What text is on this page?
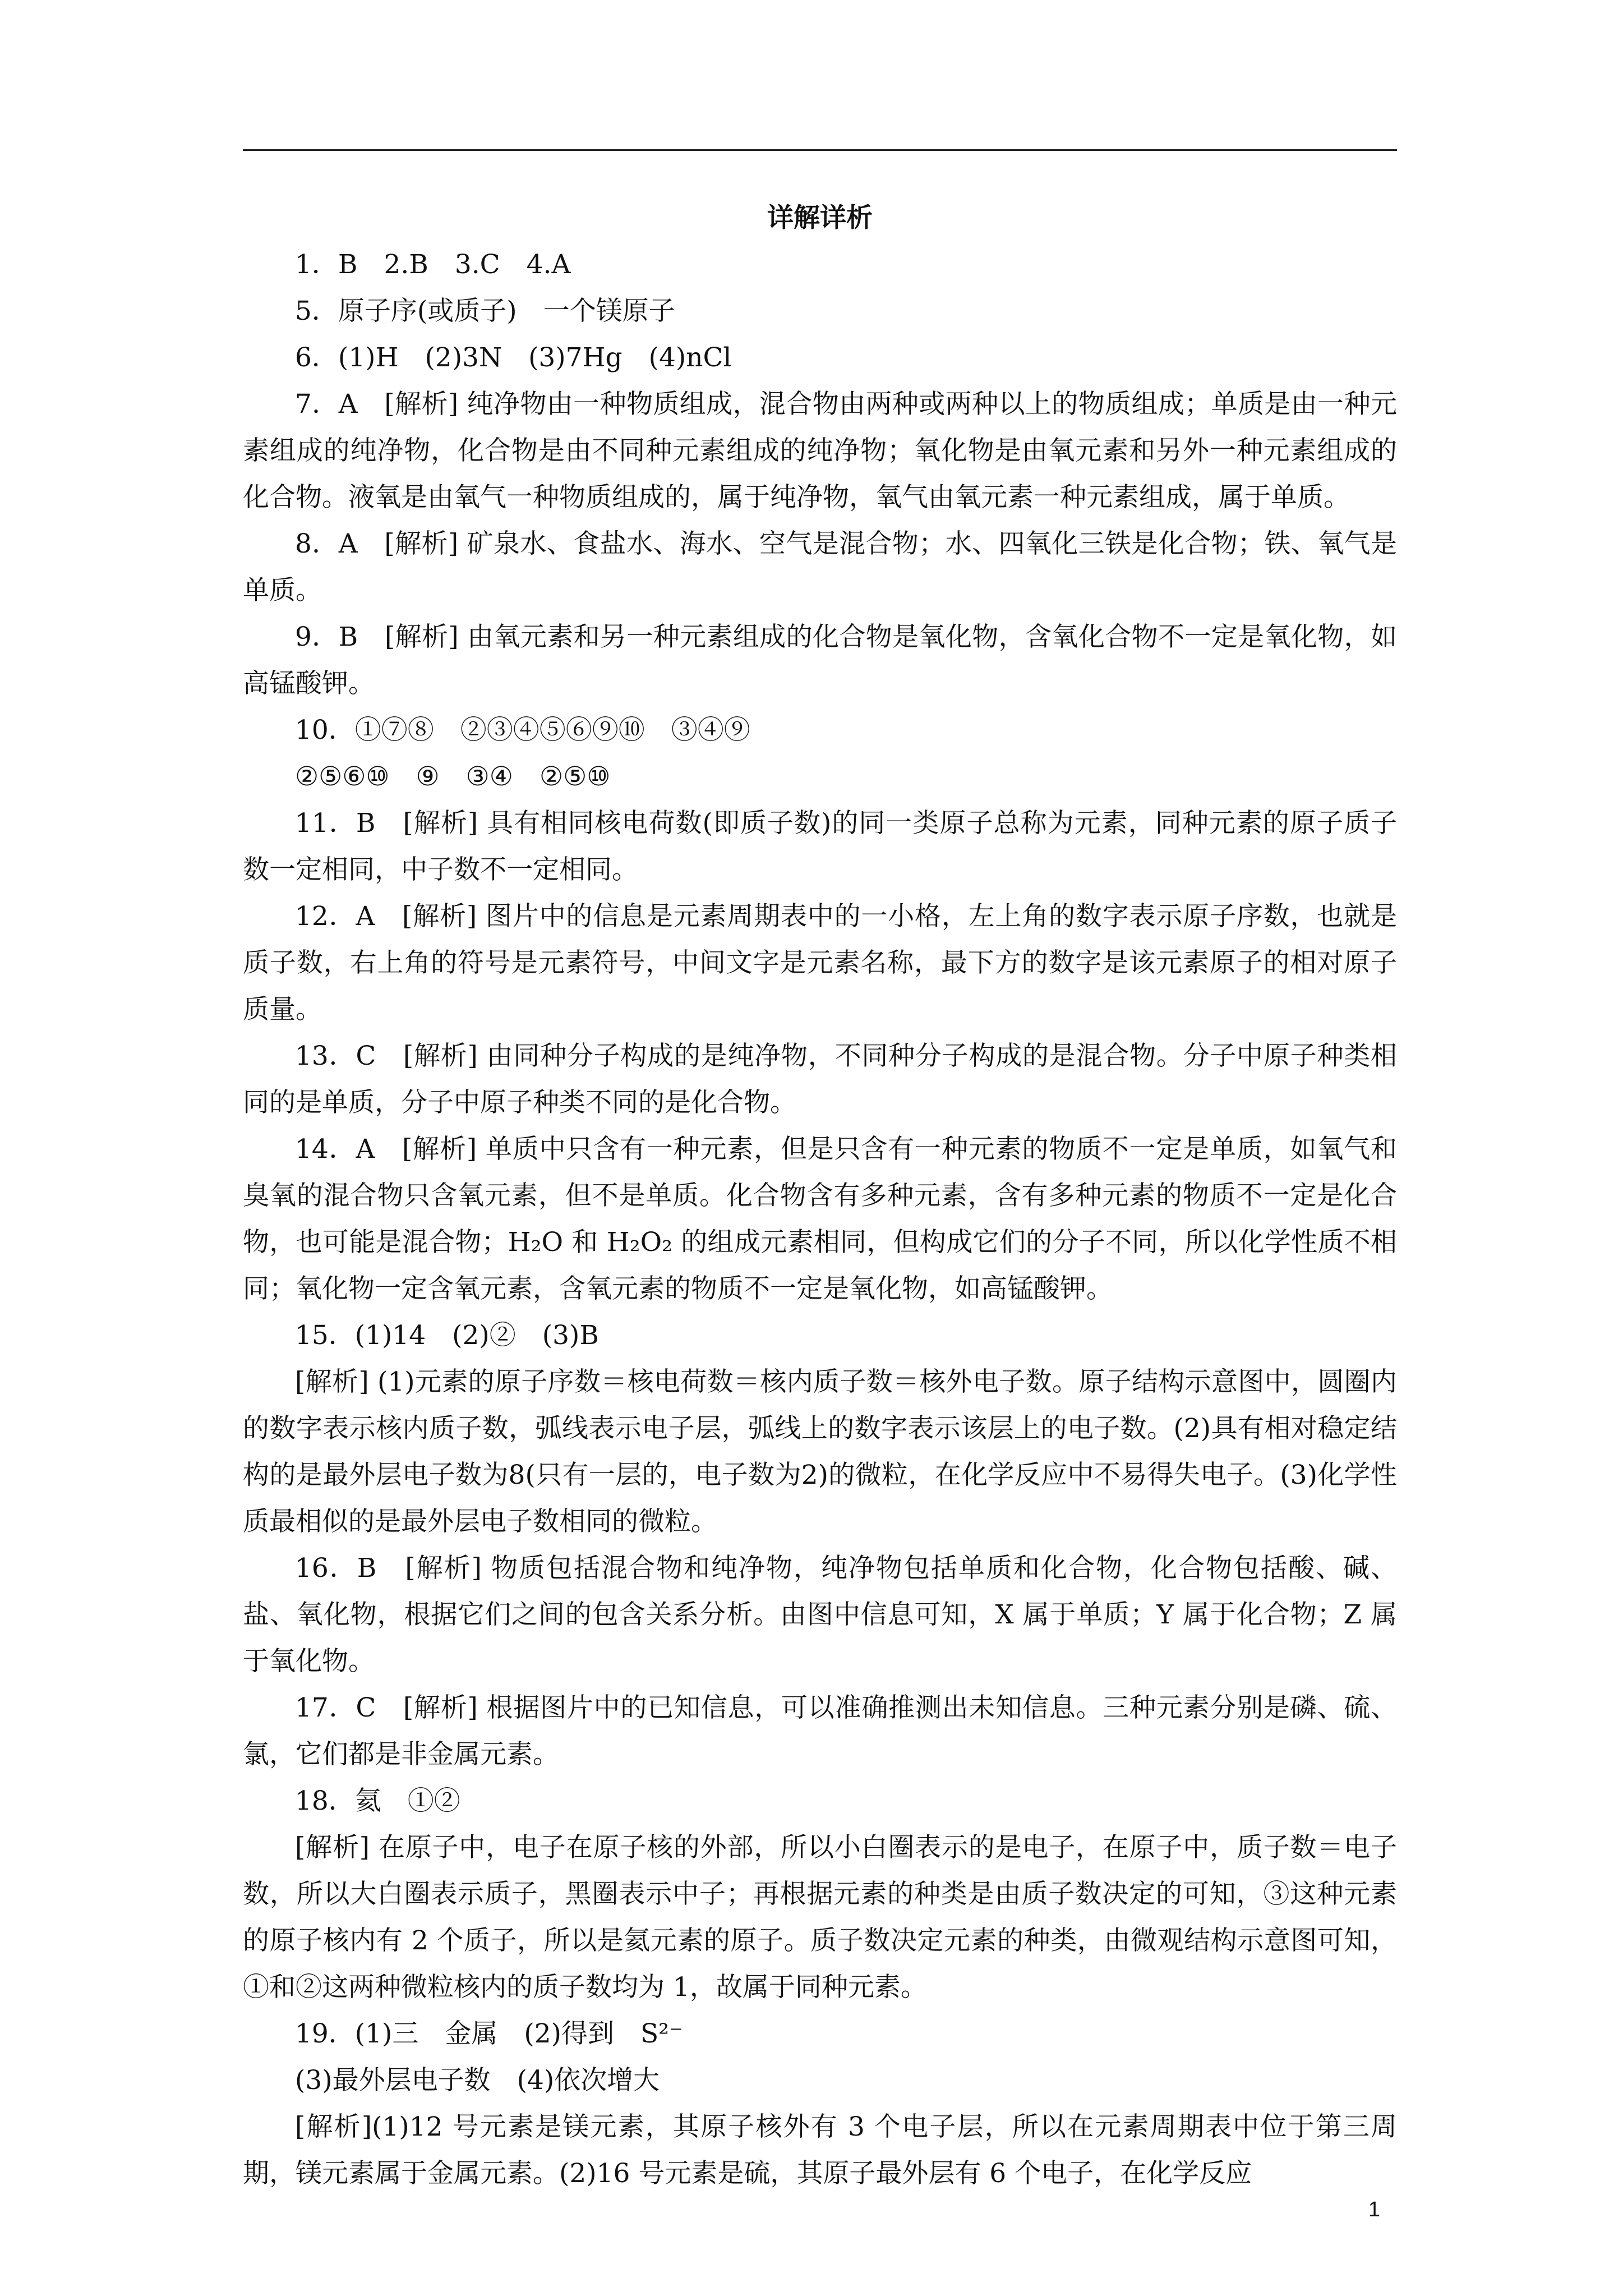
详解详析

1．B　2.B　3.C　4.A

5．原子序(或质子)　一个镁原子

6．(1)H　(2)3N　(3)7Hg　(4)nCl

7．A　[解析] 纯净物由一种物质组成，混合物由两种或两种以上的物质组成；单质是由一种元素组成的纯净物，化合物是由不同种元素组成的纯净物；氧化物是由氧元素和另外一种元素组成的化合物。液氧是由氧气一种物质组成的，属于纯净物，氧气由氧元素一种元素组成，属于单质。

8．A　[解析] 矿泉水、食盐水、海水、空气是混合物；水、四氧化三铁是化合物；铁、氧气是单质。

9．B　[解析] 由氧元素和另一种元素组成的化合物是氧化物，含氧化合物不一定是氧化物，如高锰酸钾。

10．①⑦⑧　②③④⑤⑥⑨⑩　③④⑨

②⑤⑥⑩　⑨　③④　②⑤⑩

11．B　[解析] 具有相同核电荷数(即质子数)的同一类原子总称为元素，同种元素的原子质子数一定相同，中子数不一定相同。

12．A　[解析] 图片中的信息是元素周期表中的一小格，左上角的数字表示原子序数，也就是质子数，右上角的符号是元素符号，中间文字是元素名称，最下方的数字是该元素原子的相对原子质量。

13．C　[解析] 由同种分子构成的是纯净物，不同种分子构成的是混合物。分子中原子种类相同的是单质，分子中原子种类不同的是化合物。

14．A　[解析] 单质中只含有一种元素，但是只含有一种元素的物质不一定是单质，如氧气和臭氧的混合物只含氧元素，但不是单质。化合物含有多种元素，含有多种元素的物质不一定是化合物，也可能是混合物；H₂O 和 H₂O₂ 的组成元素相同，但构成它们的分子不同，所以化学性质不相同；氧化物一定含氧元素，含氧元素的物质不一定是氧化物，如高锰酸钾。

15．(1)14　(2)②　(3)B

[解析] (1)元素的原子序数＝核电荷数＝核内质子数＝核外电子数。原子结构示意图中，圆圈内的数字表示核内质子数，弧线表示电子层，弧线上的数字表示该层上的电子数。(2)具有相对稳定结构的是最外层电子数为8(只有一层的，电子数为2)的微粒，在化学反应中不易得失电子。(3)化学性质最相似的是最外层电子数相同的微粒。

16．B　[解析] 物质包括混合物和纯净物，纯净物包括单质和化合物，化合物包括酸、碱、盐、氧化物，根据它们之间的包含关系分析。由图中信息可知，X 属于单质；Y 属于化合物；Z 属于氧化物。

17．C　[解析] 根据图片中的已知信息，可以准确推测出未知信息。三种元素分别是磷、硫、氯，它们都是非金属元素。

18．氦　①②

[解析] 在原子中，电子在原子核的外部，所以小白圈表示的是电子，在原子中，质子数＝电子数，所以大白圈表示质子，黑圈表示中子；再根据元素的种类是由质子数决定的可知，③这种元素的原子核内有 2 个质子，所以是氦元素的原子。质子数决定元素的种类，由微观结构示意图可知，①和②这两种微粒核内的质子数均为 1，故属于同种元素。

19．(1)三　金属　(2)得到　S²⁻

(3)最外层电子数　(4)依次增大

[解析](1)12 号元素是镁元素，其原子核外有 3 个电子层，所以在元素周期表中位于第三周期，镁元素属于金属元素。(2)16 号元素是硫，其原子最外层有 6 个电子，在化学反应

1
